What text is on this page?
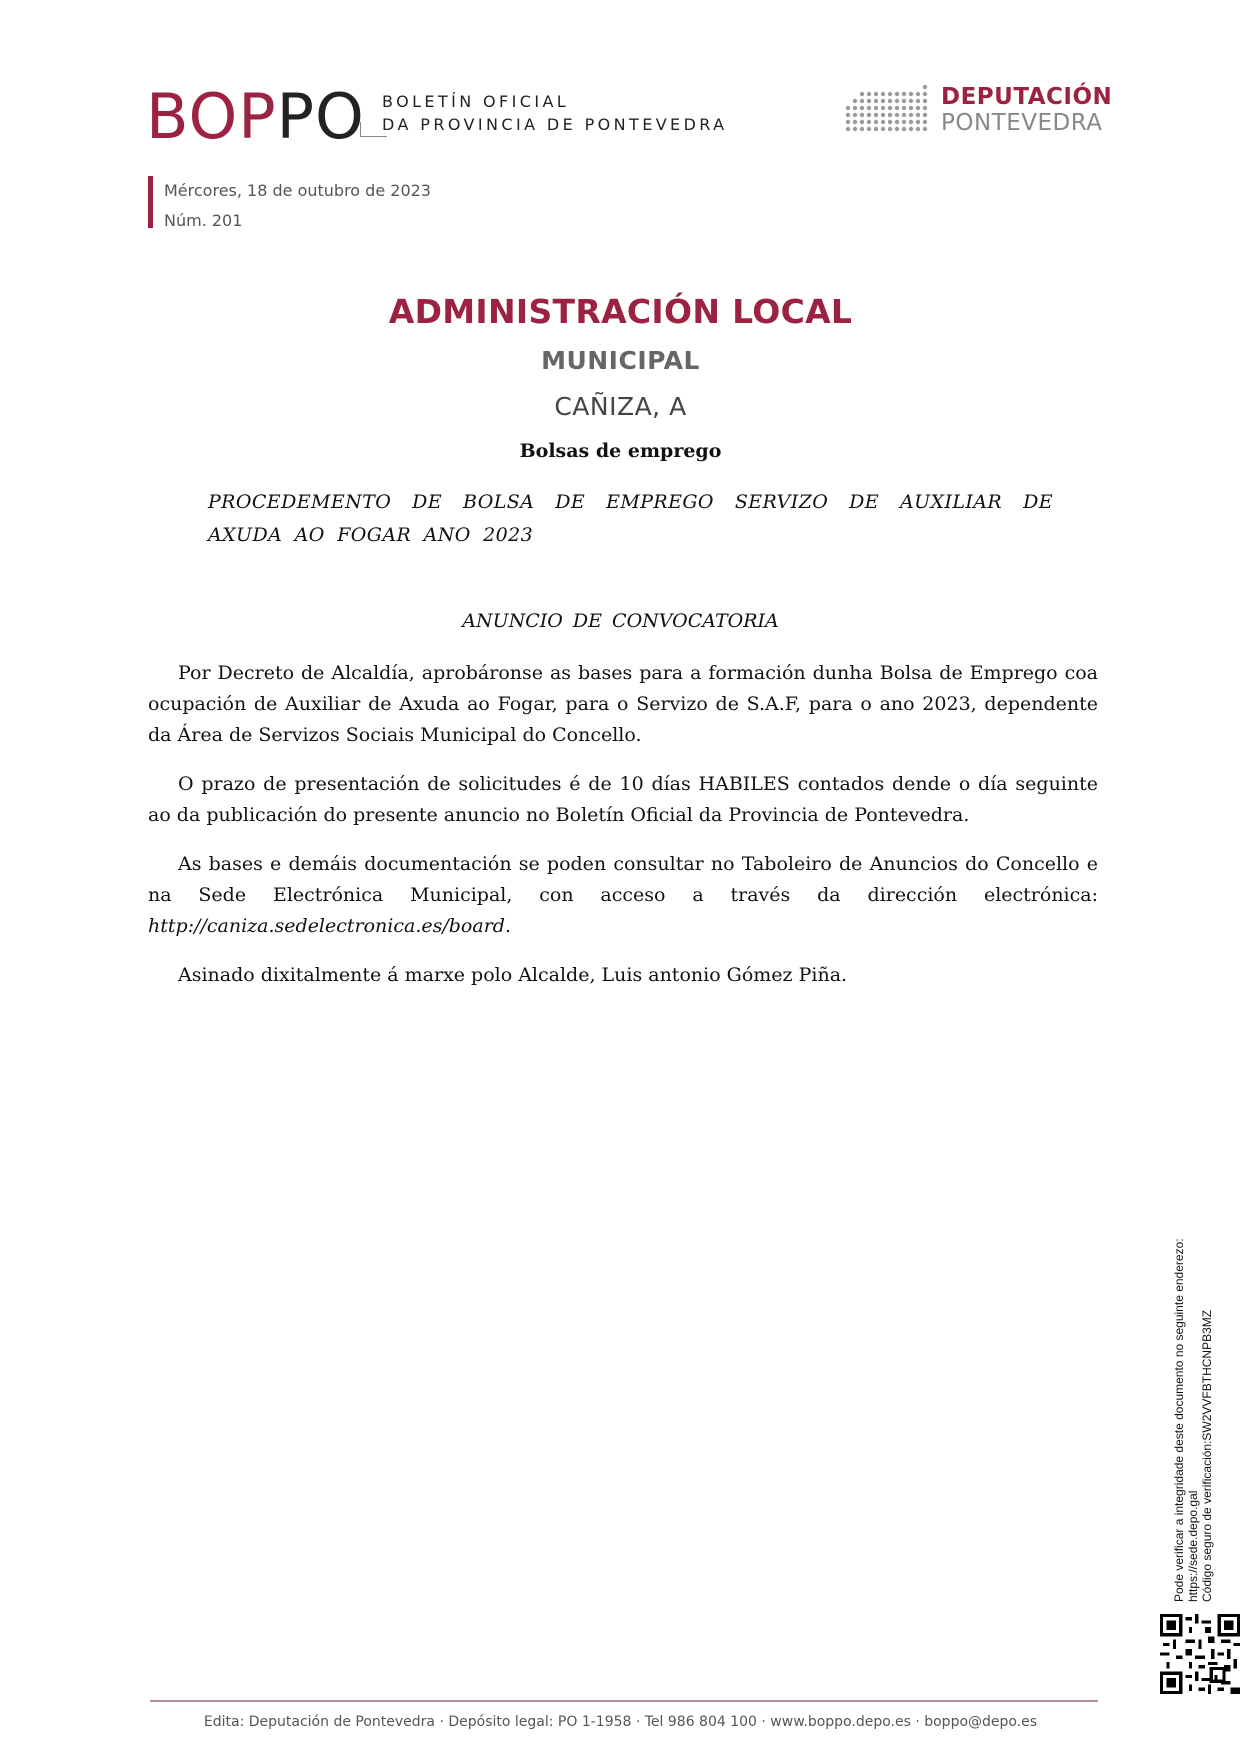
BOPPO BOLETÍN OFICIAL
DA PROVINCIA DE PONTEVEDRA
DEPUTACIÓN
PONTEVEDRA
Mércores, 18 de outubro de 2023
Núm. 201
ADMINISTRACIÓN LOCAL
MUNICIPAL
CAÑIZA, A
Bolsas de emprego
PROCEDEMENTO DE BOLSA DE EMPREGO SERVIZO DE AUXILIAR DE AXUDA AO FOGAR ANO 2023
ANUNCIO DE CONVOCATORIA

Por Decreto de Alcaldía, aprobáronse as bases para a formación dunha Bolsa de Emprego coa ocupación de Auxiliar de Axuda ao Fogar, para o Servizo de S.A.F, para o ano 2023, dependente da Área de Servizos Sociais Municipal do Concello.

O prazo de presentación de solicitudes é de 10 días HABILES contados dende o día seguinte ao da publicación do presente anuncio no Boletín Oficial da Provincia de Pontevedra.

As bases e demáis documentación se poden consultar no Taboleiro de Anuncios do Concello e na Sede Electrónica Municipal, con acceso a través da dirección electrónica: http://caniza.sedelectronica.es/board.

Asinado dixitalmente á marxe polo Alcalde, Luis antonio Gómez Piña.

Pode verificar a integridade deste documento no seguinte enderezo: https://sede.depo.gal Código seguro de verificación:SW2VVFBTHCNPB3MZ
Edita: Deputación de Pontevedra · Depósito legal: PO 1-1958 · Tel 986 804 100 · www.boppo.depo.es · boppo@depo.es
